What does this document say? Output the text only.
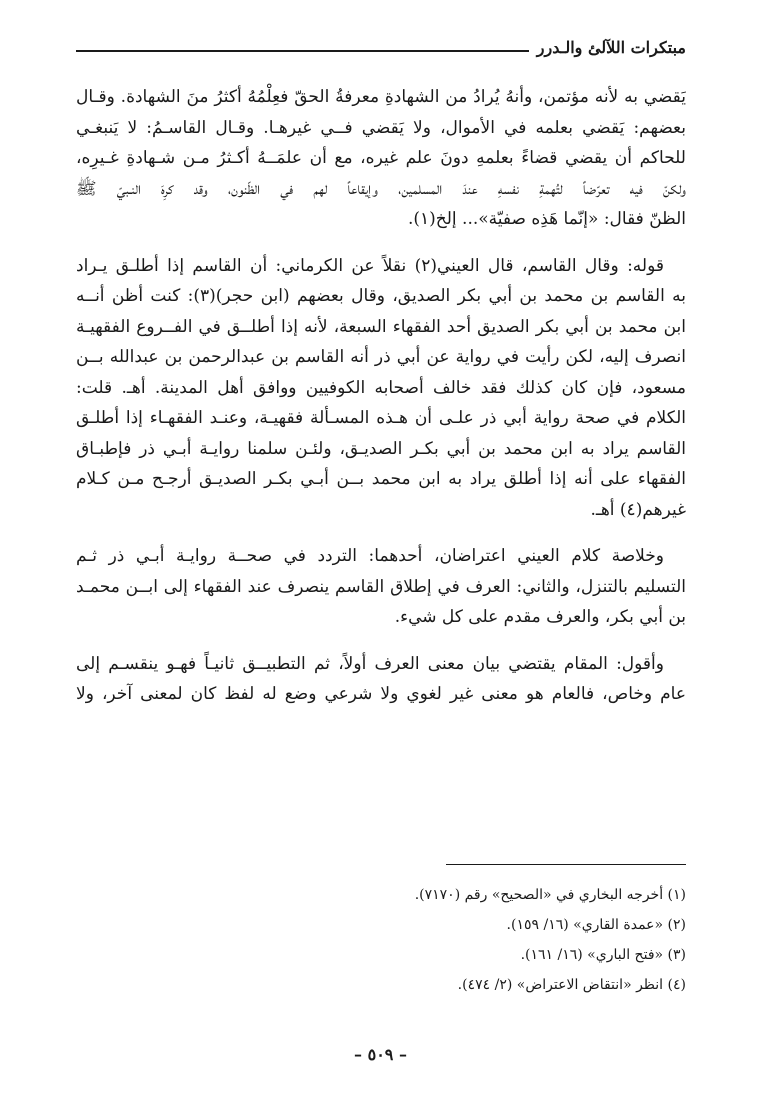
مبتكرات اللآلئ والـدرر
يَقضي به لأنه مؤتمن، وأنهُ يُرادُ من الشهادةِ معرفةُ الحقّ فعِلْمُهُ أكثرُ منَ الشهادة. وقـال
بعضهم: يَقضي بعلمه في الأموال، ولا يَقضي فــي غيرهـا. وقـال القاسـمُ: لا يَنبغـي
للحاكم أن يقضي قضاءً بعلمهِ دونَ علم غيره، مع أن علمَــهُ أكـثرُ مـن شـهادةِ غـيرِه،
ولكنّ فيه تعرّضاً لتُهمةِ نفسهِ عندَ المسلمين، وإيقاعاً لهم في الظّنون، وقد كرِهَ النـبيّ ﷺ
الظنّ فقال: «إنّما هَذِه صفيّة»... إلخ(١).
قوله: وقال القاسم، قال العيني(٢) نقلاً عن الكرماني: أن القاسم إذا أطلـق يـراد
به القاسم بن محمد بن أبي بكر الصديق، وقال بعضهم (ابن حجر)(٣): كنت أظن أنــه
ابن محمد بن أبي بكر الصديق أحد الفقهاء السبعة، لأنه إذا أطلــق في الفــروع الفقهيـة
انصرف إليه، لكن رأيت في رواية عن أبي ذر أنه القاسم بن عبدالرحمن بن عبدالله بــن
مسعود، فإن كان كذلك فقد خالف أصحابه الكوفيين ووافق أهل المدينة. أهـ. قلت:
الكلام في صحة رواية أبي ذر علـى أن هـذه المسـألة فقهيـة، وعنـد الفقهـاء إذا أطلـق
القاسم يراد به ابن محمد بن أبي بكـر الصديـق، ولئـن سلمنا روايـة أبـي ذر فإطبـاق
الفقهاء على أنه إذا أطلق يراد به ابن محمد بــن أبـي بكـر الصديـق أرجـح مـن كـلام
غيرهم(٤) أهـ.
وخلاصة كلام العيني اعتراضان، أحدهما: التردد في صحــة روايـة أبـي ذر ثـم
التسليم بالتنزل، والثاني: العرف في إطلاق القاسم ينصرف عند الفقهاء إلى ابــن محمـد
بن أبي بكر، والعرف مقدم على كل شيء.
وأقول: المقام يقتضي بيان معنى العرف أولاً، ثم التطبيــق ثانيـاً فهـو ينقسـم إلى
عام وخاص، فالعام هو معنى غير لغوي ولا شرعي وضع له لفظ كان لمعنى آخر، ولا
(١) أخرجه البخاري في «الصحيح» رقم (٧١٧٠).
(٢) «عمدة القاري» (١٦/ ١٥٩).
(٣) «فتح الباري» (١٦/ ١٦١).
(٤) انظر «انتقاض الاعتراض» (٢/ ٤٧٤).
– ٥٠٩ –
